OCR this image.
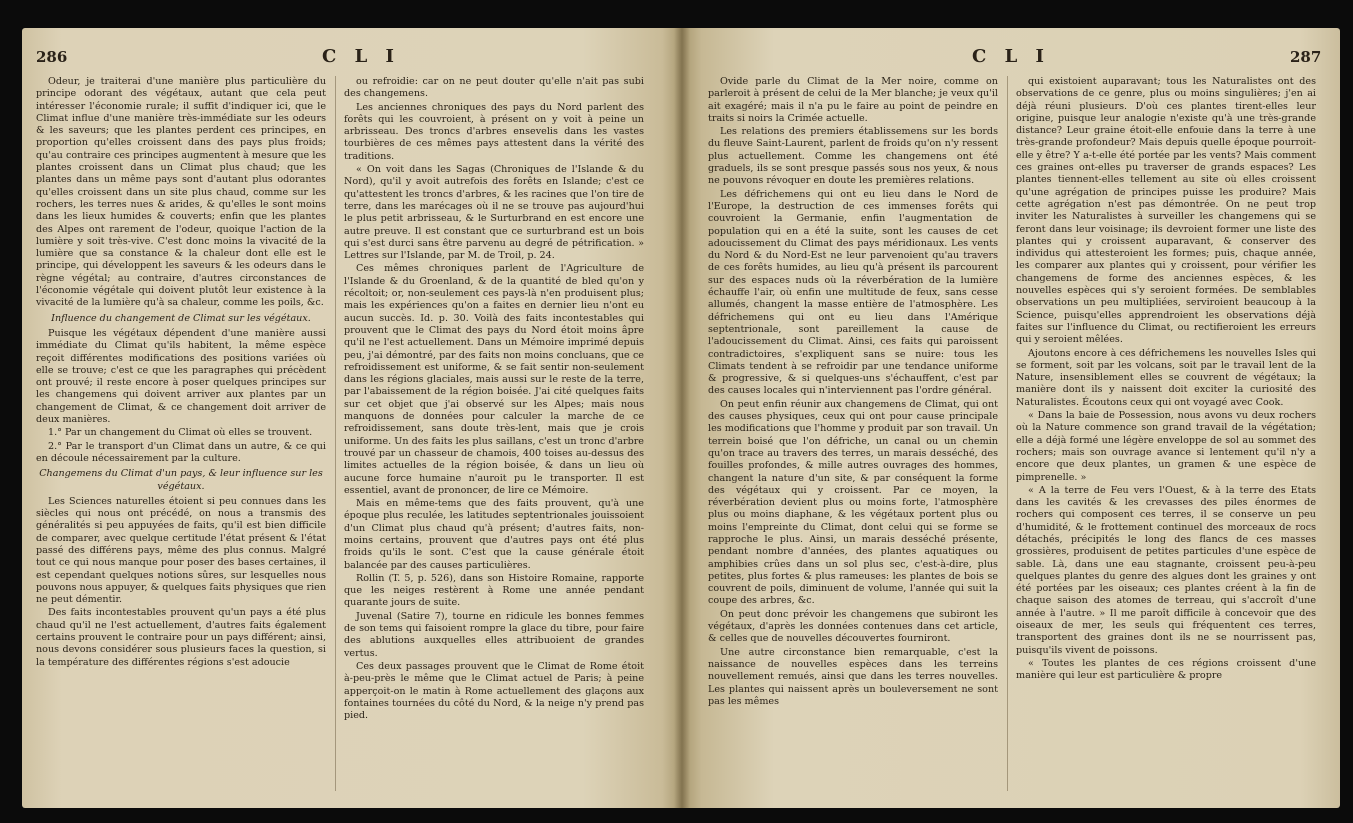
286	C L I

Odeur, je traiterai d'une manière plus particulière du principe odorant des végétaux, autant que cela peut intéresser l'économie rurale; il suffit d'indiquer ici, que le Climat influe d'une manière très-immédiate sur les odeurs & les saveurs; que les plantes perdent ces principes, en proportion qu'elles croissent dans des pays plus froids; qu'au contraire ces principes augmentent à mesure que les plantes croissent dans un Climat plus chaud; que les plantes dans un même pays sont d'autant plus odorantes qu'elles croissent dans un site plus chaud, comme sur les rochers, les terres nues & arides, & qu'elles le sont moins dans les lieux humides & couverts; enfin que les plantes des Alpes ont rarement de l'odeur, quoique l'action de la lumière y soit très-vive. C'est donc moins la vivacité de la lumière que sa constance & la chaleur dont elle est le principe, qui développent les saveurs & les odeurs dans le règne végétal; au contraire, d'autres circonstances de l'économie végétale qui doivent plutôt leur existence à la vivacité de la lumière qu'à sa chaleur, comme les poils, &c.

Influence du changement de Climat sur les végétaux.

Puisque les végétaux dépendent d'une manière aussi immédiate du Climat qu'ils habitent, la même espèce reçoit différentes modifications des positions variées où elle se trouve; c'est ce que les paragraphes qui précèdent ont prouvé; il reste encore à poser quelques principes sur les changemens qui doivent arriver aux plantes par un changement de Climat, & ce changement doit arriver de deux manières.

1.° Par un changement du Climat où elles se trouvent.

2.° Par le transport d'un Climat dans un autre, & ce qui en découle nécessairement par la culture.

Changemens du Climat d'un pays, & leur influence sur les végétaux.

Les Sciences naturelles étoient si peu connues dans les siècles qui nous ont précédé, on nous a transmis des généralités si peu appuyées de faits, qu'il est bien difficile de comparer, avec quelque certitude l'état présent & l'état passé des différens pays, même des plus connus. Malgré tout ce qui nous manque pour poser des bases certaines, il est cependant quelques notions sûres, sur lesquelles nous pouvons nous appuyer, & quelques faits physiques que rien ne peut démentir.

Des faits incontestables prouvent qu'un pays a été plus chaud qu'il ne l'est actuellement, d'autres faits également certains prouvent le contraire pour un pays différent; ainsi, nous devons considérer sous plusieurs faces la question, si la température des différentes régions s'est adoucie

ou refroidie: car on ne peut douter qu'elle n'ait pas subi des changemens.

Les anciennes chroniques des pays du Nord parlent des forêts qui les couvroient, à présent on y voit à peine un arbrisseau. Des troncs d'arbres ensevelis dans les vastes tourbières de ces mêmes pays attestent dans la vérité des traditions.

« On voit dans les Sagas (Chroniques de l'Islande & du Nord), qu'il y avoit autrefois des forêts en Islande; c'est ce qu'attestent les troncs d'arbres, & les racines que l'on tire de terre, dans les marécages où il ne se trouve pas aujourd'hui le plus petit arbrisseau, & le Surturbrand en est encore une autre preuve. Il est constant que ce surturbrand est un bois qui s'est durci sans être parvenu au degré de pétrification. » Lettres sur l'Islande, par M. de Troil, p. 24.

Ces mêmes chroniques parlent de l'Agriculture de l'Islande & du Groenland, & de la quantité de bled qu'on y récoltoit; or, non-seulement ces pays-là n'en produisent plus; mais les expériences qu'on a faites en dernier lieu n'ont eu aucun succès. Id. p. 30. Voilà des faits incontestables qui prouvent que le Climat des pays du Nord étoit moins âpre qu'il ne l'est actuellement. Dans un Mémoire imprimé depuis peu, j'ai démontré, par des faits non moins concluans, que ce refroidissement est uniforme, & se fait sentir non-seulement dans les régions glaciales, mais aussi sur le reste de la terre, par l'abaissement de la région boisée. J'ai cité quelques faits sur cet objet que j'ai observé sur les Alpes; mais nous manquons de données pour calculer la marche de ce refroidissement, sans doute très-lent, mais que je crois uniforme. Un des faits les plus saillans, c'est un tronc d'arbre trouvé par un chasseur de chamois, 400 toises au-dessus des limites actuelles de la région boisée, & dans un lieu où aucune force humaine n'auroit pu le transporter. Il est essentiel, avant de prononcer, de lire ce Mémoire.

Mais en même-tems que des faits prouvent, qu'à une époque plus reculée, les latitudes septentrionales jouissoient d'un Climat plus chaud qu'à présent; d'autres faits, non-moins certains, prouvent que d'autres pays ont été plus froids qu'ils le sont. C'est que la cause générale étoit balancée par des causes particulières.

Rollin (T. 5, p. 526), dans son Histoire Romaine, rapporte que les neiges restèrent à Rome une année pendant quarante jours de suite.

Juvenal (Satire 7), tourne en ridicule les bonnes femmes de son tems qui faisoient rompre la glace du tibre, pour faire des ablutions auxquelles elles attribuoient de grandes vertus.

Ces deux passages prouvent que le Climat de Rome étoit à-peu-près le même que le Climat actuel de Paris; à peine apperçoit-on le matin à Rome actuellement des glaçons aux fontaines tournées du côté du Nord, & la neige n'y prend pas pied.

C L I	287

Ovide parle du Climat de la Mer noire, comme on parleroit à présent de celui de la Mer blanche; je veux qu'il ait exagéré; mais il n'a pu le faire au point de peindre en traits si noirs la Crimée actuelle.

Les relations des premiers établissemens sur les bords du fleuve Saint-Laurent, parlent de froids qu'on n'y ressent plus actuellement. Comme les changemens ont été graduels, ils se sont presque passés sous nos yeux, & nous ne pouvons révoquer en doute les premières relations.

Les défrichemens qui ont eu lieu dans le Nord de l'Europe, la destruction de ces immenses forêts qui couvroient la Germanie, enfin l'augmentation de population qui en a été la suite, sont les causes de cet adoucissement du Climat des pays méridionaux. Les vents du Nord & du Nord-Est ne leur parvenoient qu'au travers de ces forêts humides, au lieu qu'à présent ils parcourent sur des espaces nuds où la réverbération de la lumière échauffe l'air, où enfin une multitude de feux, sans cesse allumés, changent la masse entière de l'atmosphère. Les défrichemens qui ont eu lieu dans l'Amérique septentrionale, sont pareillement la cause de l'adoucissement du Climat. Ainsi, ces faits qui paroissent contradictoires, s'expliquent sans se nuire: tous les Climats tendent à se refroidir par une tendance uniforme & progressive, & si quelques-uns s'échauffent, c'est par des causes locales qui n'interviennent pas l'ordre général.

On peut enfin réunir aux changemens de Climat, qui ont des causes physiques, ceux qui ont pour cause principale les modifications que l'homme y produit par son travail. Un terrein boisé que l'on défriche, un canal ou un chemin qu'on trace au travers des terres, un marais desséché, des fouilles profondes, & mille autres ouvrages des hommes, changent la nature d'un site, & par conséquent la forme des végétaux qui y croissent. Par ce moyen, la réverbération devient plus ou moins forte, l'atmosphère plus ou moins diaphane, & les végétaux portent plus ou moins l'empreinte du Climat, dont celui qui se forme se rapproche le plus. Ainsi, un marais desséché présente, pendant nombre d'années, des plantes aquatiques ou amphibies crûes dans un sol plus sec, c'est-à-dire, plus petites, plus fortes & plus rameuses: les plantes de bois se couvrent de poils, diminuent de volume, l'année qui suit la coupe des arbres, &c.

On peut donc prévoir les changemens que subiront les végétaux, d'après les données contenues dans cet article, & celles que de nouvelles découvertes fourniront.

Une autre circonstance bien remarquable, c'est la naissance de nouvelles espèces dans les terreins nouvellement remués, ainsi que dans les terres nouvelles. Les plantes qui naissent après un bouleversement ne sont pas les mêmes

qui existoient auparavant; tous les Naturalistes ont des observations de ce genre, plus ou moins singulières; j'en ai déjà réuni plusieurs. D'où ces plantes tirent-elles leur origine, puisque leur analogie n'existe qu'à une très-grande distance? Leur graine étoit-elle enfouie dans la terre à une très-grande profondeur? Mais depuis quelle époque pourroit-elle y être? Y a-t-elle été portée par les vents? Mais comment ces graines ont-elles pu traverser de grands espaces? Les plantes tiennent-elles tellement au site où elles croissent qu'une agrégation de principes puisse les produire? Mais cette agrégation n'est pas démontrée. On ne peut trop inviter les Naturalistes à surveiller les changemens qui se feront dans leur voisinage; ils devroient former une liste des plantes qui y croissent auparavant, & conserver des individus qui attesteroient les formes; puis, chaque année, les comparer aux plantes qui y croissent, pour vérifier les changemens de forme des anciennes espèces, & les nouvelles espèces qui s'y seroient formées. De semblables observations un peu multipliées, serviroient beaucoup à la Science, puisqu'elles apprendroient les observations déjà faites sur l'influence du Climat, ou rectifieroient les erreurs qui y seroient mêlées.

Ajoutons encore à ces défrichemens les nouvelles Isles qui se forment, soit par les volcans, soit par le travail lent de la Nature, insensiblement elles se couvrent de végétaux; la manière dont ils y naissent doit exciter la curiosité des Naturalistes. Écoutons ceux qui ont voyagé avec Cook.

« Dans la baie de Possession, nous avons vu deux rochers où la Nature commence son grand travail de la végétation; elle a déjà formé une légère enveloppe de sol au sommet des rochers; mais son ouvrage avance si lentement qu'il n'y a encore que deux plantes, un gramen & une espèce de pimprenelle. »

« A la terre de Feu vers l'Ouest, & à la terre des Etats dans les cavités & les crevasses des piles énormes de rochers qui composent ces terres, il se conserve un peu d'humidité, & le frottement continuel des morceaux de rocs détachés, précipités le long des flancs de ces masses grossières, produisent de petites particules d'une espèce de sable. Là, dans une eau stagnante, croissent peu-à-peu quelques plantes du genre des algues dont les graines y ont été portées par les oiseaux; ces plantes créent à la fin de chaque saison des atomes de terreau, qui s'accroît d'une année à l'autre. » Il me paroît difficile à concevoir que des oiseaux de mer, les seuls qui fréquentent ces terres, transportent des graines dont ils ne se nourrissent pas, puisqu'ils vivent de poissons.

« Toutes les plantes de ces régions croissent d'une manière qui leur est particulière & propre
